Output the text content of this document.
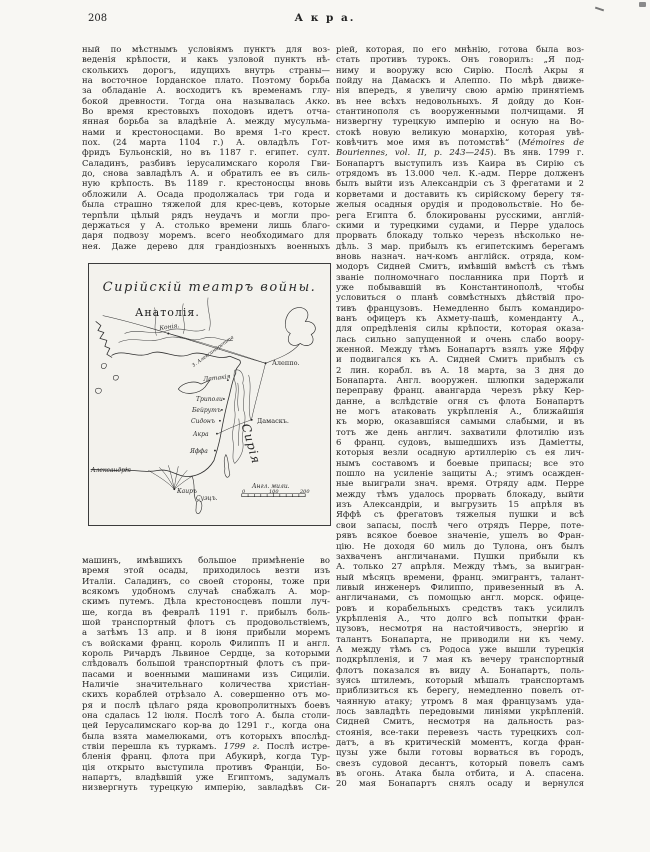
208	А к р а.
ный по мѣстнымъ условіямъ пунктъ для воз-
веденія крѣпости, и какъ узловой пунктъ нѣ-
сколькихъ дорогъ, идущихъ внутрь страны—
на восточное Іорданское плато. Поэтому борьба
за обладаніе А. восходитъ къ временамъ глу-
бокой древности. Тогда она называлась Акко.
Во время крестовыхъ походовъ идетъ отча-
янная борьба за владѣніе А. между мусульма-
нами и крестоносцами. Во время 1-го крест.
пох. (24 марта 1104 г.) А. овладѣлъ Гот-
фридъ Бульонскій, но въ 1187 г. египет. султ.
Саладинъ, разбивъ іерусалимскаго короля Гви-
до, снова завладѣлъ А. и обратилъ ее въ силь-
ную крѣпость. Въ 1189 г. крестоносцы вновь
обложили А. Осада продолжалась три года и
была страшно тяжелой для крес-цевъ, которые
терпѣли цѣлый рядъ неудачъ и могли про-
держаться у А. столько времени лишь благо-
даря подвозу моремъ. всего необходимаго для
нея. Даже дерево для грандіозныхъ военныхъ
Сирійскій театръ войны.
Анатолія.
Конія.
З. Александретта	Алеппо.
Латакія
Триполи
Бейрутъ
Сидонъ	Дамаскъ.
Акра
Яффа	Сирія
Александрія
Каиръ
Суэцъ.
Англ. мили.
0	100	200
машинъ, имѣвшихъ большое примѣненіе во
время этой осады, приходилось везти изъ
Италіи. Саладинъ, со своей стороны, тоже при
всякомъ удобномъ случаѣ снабжалъ А. мор-
скимъ путемъ. Дѣла крестоносцевъ пошли луч-
ше, когда въ февралѣ 1191 г. прибылъ боль-
шой транспортный флотъ съ продовольствіемъ,
а затѣмъ 13 апр. и 8 іюня прибыли моремъ
съ войсками франц. король Филиппъ II и англ.
король Ричардъ Львиное Сердце, за которыми
слѣдовалъ большой транспортный флотъ съ при-
пасами и военными машинами изъ Сициліи.
Наличіе значительнаго количества христіан-
скихъ кораблей отрѣзало А. совершенно отъ мо-
ря и послѣ цѣлаго ряда кровопролитныхъ боевъ
она сдалась 12 іюля. Послѣ того А. была столи-
цей Іерусалимскаго кор-ва до 1291 г., когда она
была взята мамелюками, отъ которыхъ впослѣд-
ствіи перешла къ туркамъ. 1799 г. Послѣ истре-
бленія франц. флота при Абукирѣ, когда Тур-
ція открыто выступила противъ Франціи, Бо-
напартъ, владѣвшій уже Египтомъ, задумалъ
низвергнуть турецкую имперію, завладѣвъ Си-
ріей, которая, по его мнѣнію, готова была воз-
стать противъ турокъ. Онъ говорилъ: „Я под-
ниму и вооружу всю Сирію. Послѣ Акры я
пойду на Дамаскъ и Алеппо. По мѣрѣ движе-
нія впередъ, я увеличу свою армію принятіемъ
въ нее всѣхъ недовольныхъ. Я дойду до Кон-
стантинополя съ вооруженными полчищами. Я
низвергну турецкую имперію и осную на Во-
стокѣ новую великую монархію, которая увѣ-
ковѣчитъ мое имя въ потомствѣ“ (Mémoires de
Bouriennes, vol. II, p. 243—245). Въ янв. 1799 г.
Бонапартъ выступилъ изъ Каира въ Сирію съ
отрядомъ въ 13.000 чел. К.-адм. Перре долженъ
былъ выйти изъ Александріи съ 3 фрегатами и 2
корветами и доставить къ сирійскому берегу тя-
желыя осадныя орудія и продовольствіе. Но бе-
рега Египта б. блокированы русскими, англій-
скими и турецкими судами, и Перре удалось
прорвать блокаду только черезъ нѣсколько не-
дѣль. 3 мар. прибылъ къ египетскимъ берегамъ
вновь назнач. нач-комъ англійск. отряда, ком-
модоръ Сидней Смитъ, имѣвшій вмѣстѣ съ тѣмъ
званіе полномочнаго посланника при Портѣ и
уже побывавшій въ Константинополѣ, чтобы
условиться о планѣ совмѣстныхъ дѣйствій про-
тивъ французовъ. Немедленно былъ командиро-
ванъ офицеръ къ Ахмету-пашѣ, коменданту А.,
для опредѣленія силы крѣпости, которая оказа-
лась сильно запущенной и очень слабо воору-
женной. Между тѣмъ Бонапартъ взялъ уже Яффу
и подвигался къ А. Сидней Смитъ прибылъ съ
2 лин. корабл. въ А. 18 марта, за 3 дня до
Бонапарта. Англ. вооружен. шлюпки задержали
переправу франц. авангарда черезъ рѣку Кер-
данне, а вслѣдствіе огня съ флота Бонапартъ
не могъ атаковать укрѣпленія А., ближайшія
къ морю, оказавшіяся самыми слабыми, и въ
тотъ же день англич. захватили флотилію изъ
6 франц. судовъ, вышедшихъ изъ Даміетты,
которыя везли осадную артиллерію съ ея лич-
нымъ составомъ и боевые припасы; все это
пошло на усиленіе защиты А.; этимъ осажден-
ные выиграли знач. время. Отряду адм. Перре
между тѣмъ удалось прорвать блокаду, выйти
изъ Александріи, и выгрузить 15 апрѣля въ
Яффѣ съ фрегатовъ тяжелыя пушки и всѣ
свои запасы, послѣ чего отрядъ Перре, поте-
рявъ всякое боевое значеніе, ушелъ во Фран-
цію. Не доходя 60 миль до Тулона, онъ былъ
захваченъ англичанами. Пушки прибыли къ
А. только 27 апрѣля. Между тѣмъ, за выигран-
ный мѣсяцъ времени, франц. эмигрантъ, талант-
ливый инженеръ Филиппо, привезенный въ А.
англичанами, съ помощью англ. морск. офице-
ровъ и корабельныхъ средствъ такъ усилилъ
укрѣпленія А., что долго всѣ попытки фран-
цузовъ, несмотря на настойчивость, энергію и
талантъ Бонапарта, не приводили ни къ чему.
А между тѣмъ съ Родоса уже вышли турецкія
подкрѣпленія, и 7 мая къ вечеру транспортный
флотъ показался въ виду А. Бонапартъ, поль-
зуясь штилемъ, который мѣшалъ транспортамъ
приблизиться къ берегу, немедленно повелъ от-
чаянную атаку; утромъ 8 мая французамъ уда-
лось завладѣть передовыми линіями укрѣпленій.
Сидней Смитъ, несмотря на дальность раз-
стоянія, все-таки перевезъ часть турецкихъ сол-
датъ, а въ критическій моментъ, когда фран-
цузы уже были готовы ворваться въ городъ,
свезъ судовой десантъ, который повелъ самъ
въ огонь. Атака была отбита, и А. спасена.
20 мая Бонапартъ снялъ осаду и вернулся
